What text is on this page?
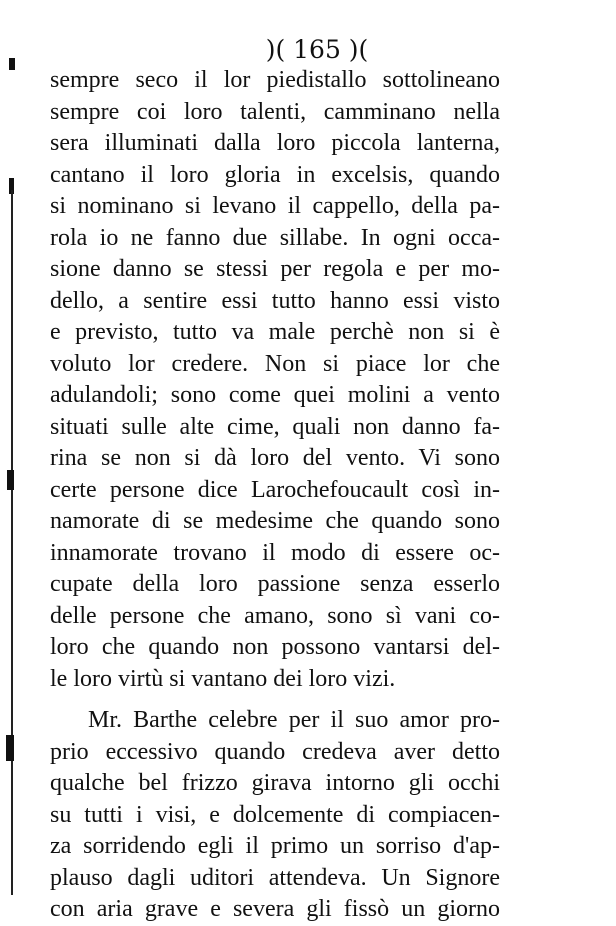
)( 165 )(
sempre seco il lor piedistallo sottolineano
sempre coi loro talenti, camminano nella
sera illuminati dalla loro piccola lanterna,
cantano il loro gloria in excelsis, quando
si nominano si levano il cappello, della pa-
rola io ne fanno due sillabe. In ogni occa-
sione danno se stessi per regola e per mo-
dello, a sentire essi tutto hanno essi visto
e previsto, tutto va male perchè non si è
voluto lor credere. Non si piace lor che
adulandoli; sono come quei molini a vento
situati sulle alte cime, quali non danno fa-
rina se non si dà loro del vento. Vi sono
certe persone dice Larochefoucault così in-
namorate di se medesime che quando sono
innamorate trovano il modo di essere oc-
cupate della loro passione senza esserlo
delle persone che amano, sono sì vani co-
loro che quando non possono vantarsi del-
le loro virtù si vantano dei loro vizi.
Mr. Barthe celebre per il suo amor pro-
prio eccessivo quando credeva aver detto
qualche bel frizzo girava intorno gli occhi
su tutti i visi, e dolcemente di compiacen-
za sorridendo egli il primo un sorriso d'ap-
plauso dagli uditori attendeva. Un Signore
con aria grave e severa gli fissò un giorno
